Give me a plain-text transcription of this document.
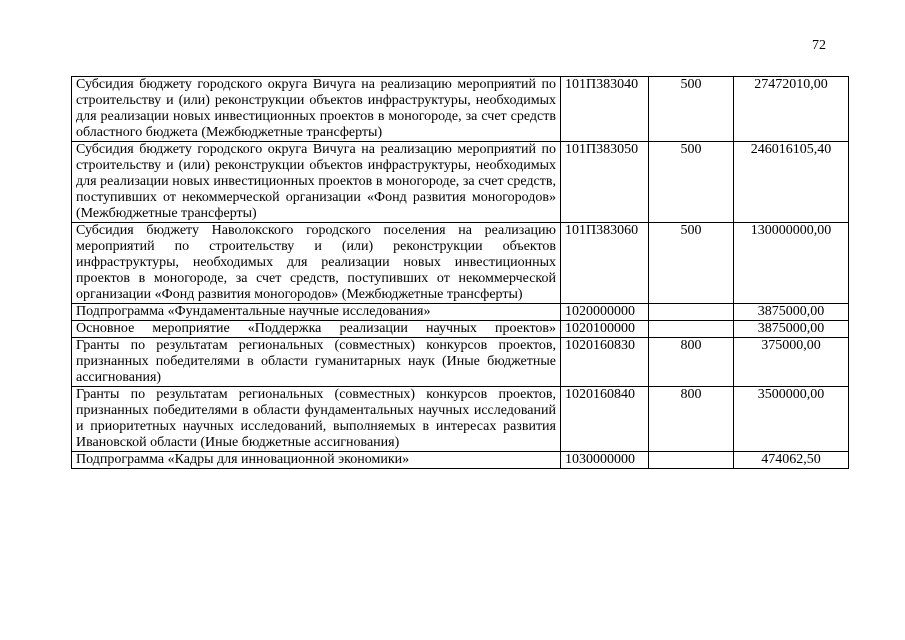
72
Субсидия бюджету городского округа Вичуга на реализацию мероприятий по строительству и (или) реконструкции объектов инфраструктуры, необходимых для реализации новых инвестиционных проектов в моногороде, за счет средств областного бюджета (Межбюджетные трансферты)	101П383040	500	27472010,00
Субсидия бюджету городского округа Вичуга на реализацию мероприятий по строительству и (или) реконструкции объектов инфраструктуры, необходимых для реализации новых инвестиционных проектов в моногороде, за счет средств, поступивших от некоммерческой организации «Фонд развития моногородов» (Межбюджетные трансферты)	101П383050	500	246016105,40
Субсидия бюджету Наволокского городского поселения на реализацию мероприятий по строительству и (или) реконструкции объектов инфраструктуры, необходимых для реализации новых инвестиционных проектов в моногороде, за счет средств, поступивших от некоммерческой организации «Фонд развития моногородов» (Межбюджетные трансферты)	101П383060	500	130000000,00
Подпрограмма «Фундаментальные научные исследования»	1020000000		3875000,00
Основное мероприятие «Поддержка реализации научных проектов»	1020100000		3875000,00
Гранты по результатам региональных (совместных) конкурсов проектов, признанных победителями в области гуманитарных наук (Иные бюджетные ассигнования)	1020160830	800	375000,00
Гранты по результатам региональных (совместных) конкурсов проектов, признанных победителями в области фундаментальных научных исследований и приоритетных научных исследований, выполняемых в интересах развития Ивановской области (Иные бюджетные ассигнования)	1020160840	800	3500000,00
Подпрограмма «Кадры для инновационной экономики»	1030000000		474062,50
